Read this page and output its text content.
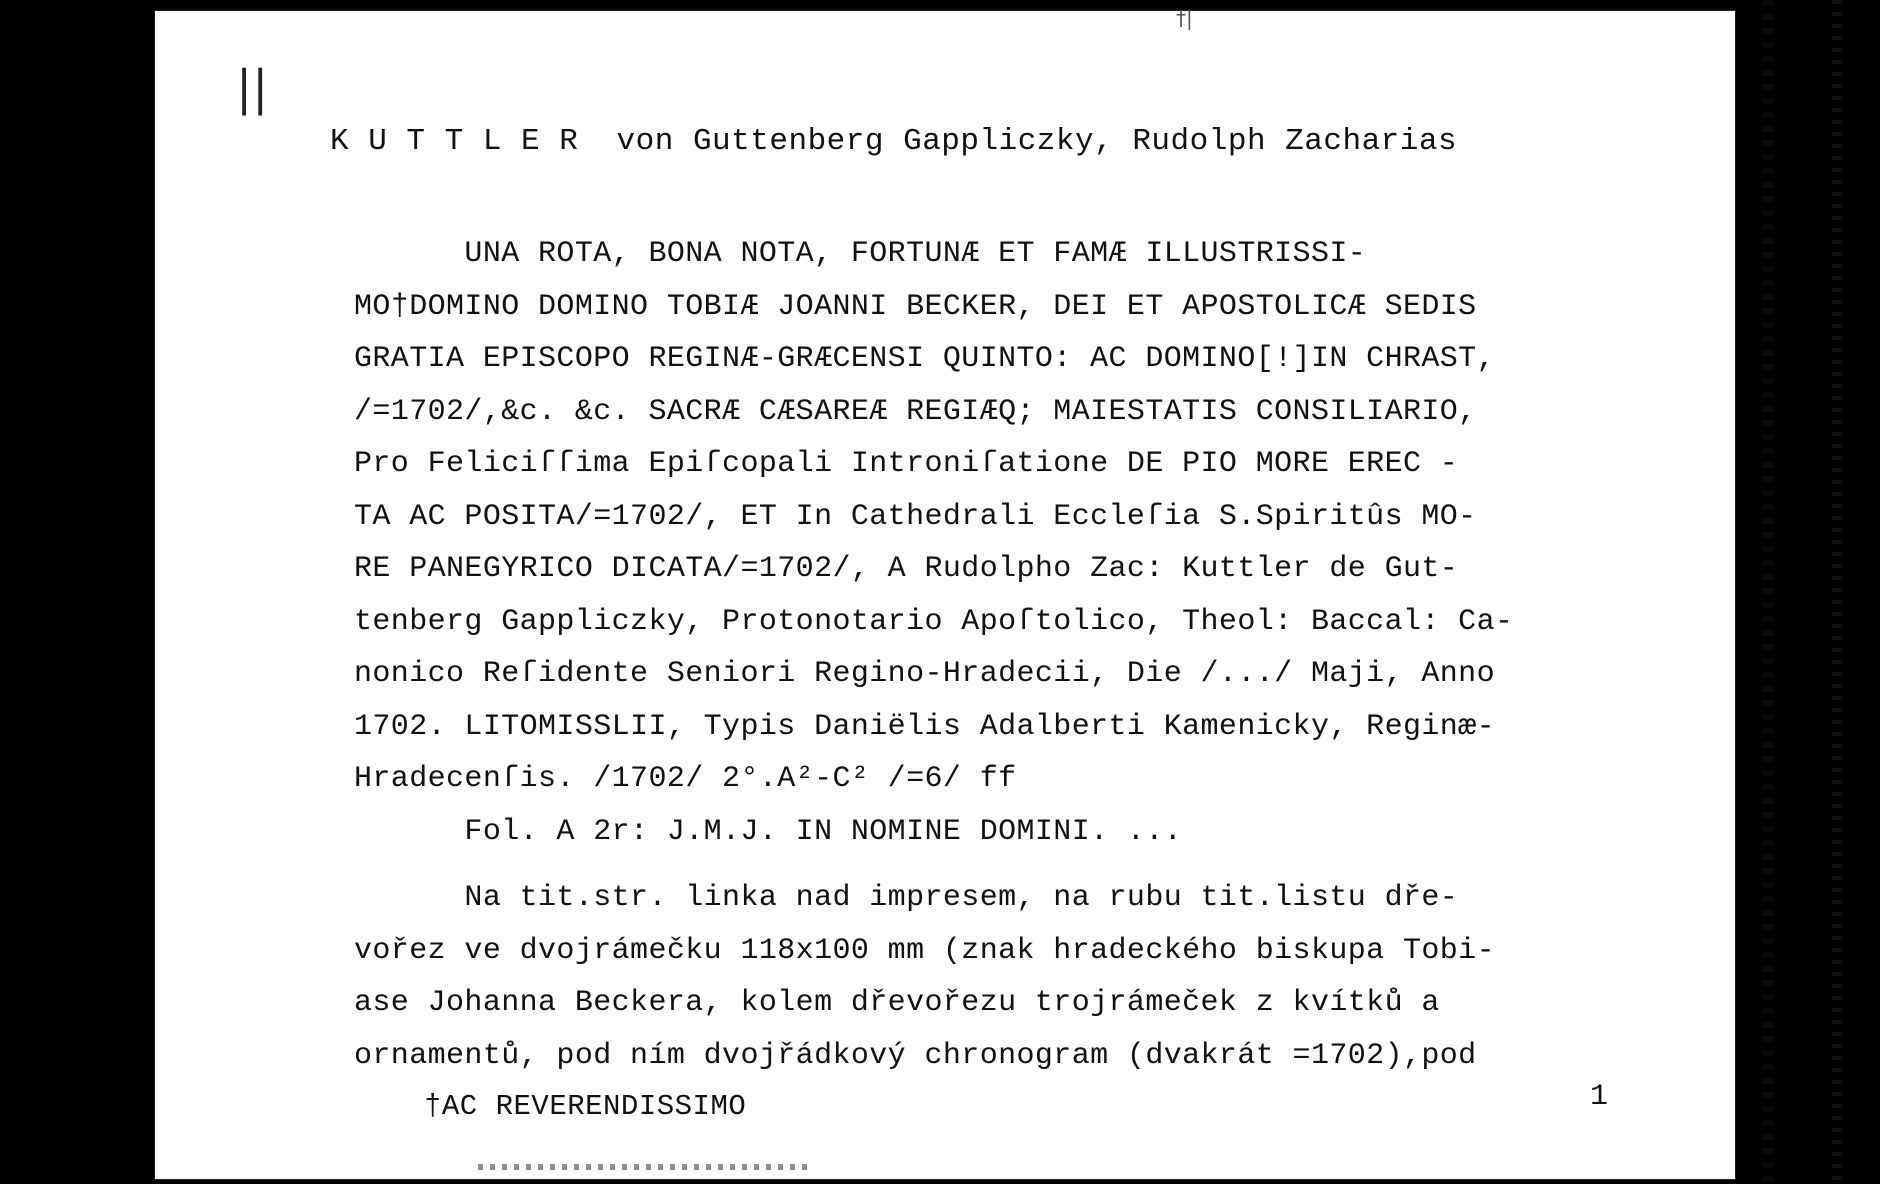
||
†|
K U T T L E R  von Guttenberg Gappliczky, Rudolph Zacharias
UNA ROTA, BONA NOTA, FORTUNÆ ET FAMÆ ILLUSTRISSI-
MO†DOMINO DOMINO TOBIÆ JOANNI BECKER, DEI ET APOSTOLICÆ SEDIS
GRATIA EPISCOPO REGINÆ-GRÆCENSI QUINTO: AC DOMINO[!]IN CHRAST,
/=1702/,&c. &c. SACRÆ CÆSAREÆ REGIÆQ; MAIESTATIS CONSILIARIO,
Pro Feliciſſima Epiſcopali Introniſatione DE PIO MORE EREC -
TA AC POSITA/=1702/, ET In Cathedrali Eccleſia S.Spiritûs MO-
RE PANEGYRICO DICATA/=1702/, A Rudolpho Zac: Kuttler de Gut-
tenberg Gappliczky, Protonotario Apoſtolico, Theol: Baccal: Ca-
nonico Reſidente Seniori Regino-Hradecii, Die /.../ Maji, Anno
1702. LITOMISSLII, Typis Daniëlis Adalberti Kamenicky, Reginæ-
Hradecenſis. /1702/ 2°.A²-C² /=6/ ff
Fol. A 2r: J.M.J. IN NOMINE DOMINI. ...
Na tit.str. linka nad impresem, na rubu tit.listu dře-
vořez ve dvojrámečku 118x100 mm (znak hradeckého biskupa Tobi-
ase Johanna Beckera, kolem dřevořezu trojrámeček z kvítků a
ornamentů, pod ním dvojřádkový chronogram (dvakrát =1702),pod
†AC REVERENDISSIMO	1
